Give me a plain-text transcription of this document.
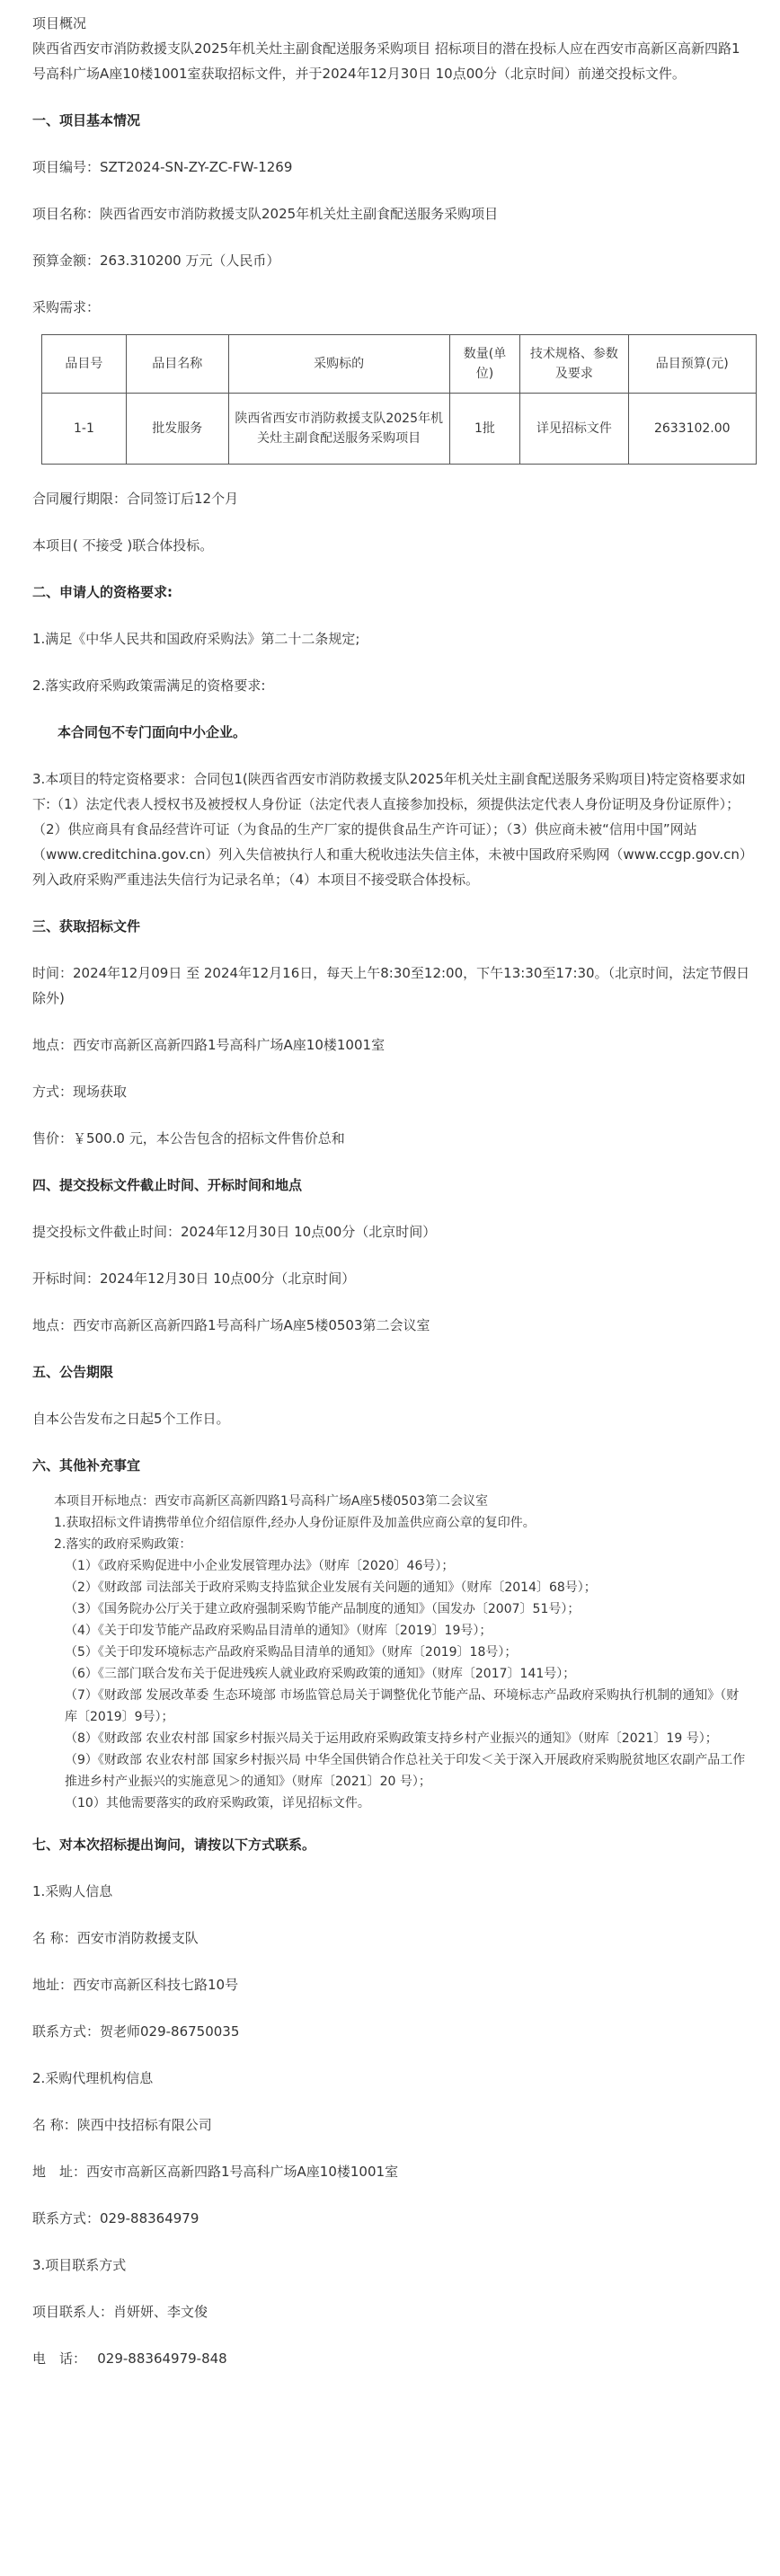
项目概况

陕西省西安市消防救援支队2025年机关灶主副食配送服务采购项目 招标项目的潜在投标人应在西安市高新区高新四路1号高科广场A座10楼1001室获取招标文件，并于2024年12月30日 10点00分（北京时间）前递交投标文件。

一、项目基本情况

项目编号：SZT2024-SN-ZY-ZC-FW-1269

项目名称：陕西省西安市消防救援支队2025年机关灶主副食配送服务采购项目

预算金额：263.310200 万元（人民币）

采购需求：

品目号	品目名称	采购标的	数量(单位)	技术规格、参数及要求	品目预算(元)
1-1	批发服务	陕西省西安市消防救援支队2025年机关灶主副食配送服务采购项目	1批	详见招标文件	2633102.00

合同履行期限：合同签订后12个月

本项目( 不接受 )联合体投标。

二、申请人的资格要求:

1.满足《中华人民共和国政府采购法》第二十二条规定;

2.落实政府采购政策需满足的资格要求:

本合同包不专门面向中小企业。

3.本项目的特定资格要求：合同包1(陕西省西安市消防救援支队2025年机关灶主副食配送服务采购项目)特定资格要求如下:（1）法定代表人授权书及被授权人身份证（法定代表人直接参加投标，须提供法定代表人身份证明及身份证原件）；（2）供应商具有食品经营许可证（为食品的生产厂家的提供食品生产许可证）；（3）供应商未被“信用中国”网站（www.creditchina.gov.cn）列入失信被执行人和重大税收违法失信主体，未被中国政府采购网（www.ccgp.gov.cn）列入政府采购严重违法失信行为记录名单；（4）本项目不接受联合体投标。

三、获取招标文件

时间：2024年12月09日 至 2024年12月16日，每天上午8:30至12:00，下午13:30至17:30。（北京时间，法定节假日除外)

地点：西安市高新区高新四路1号高科广场A座10楼1001室

方式：现场获取

售价：￥500.0 元，本公告包含的招标文件售价总和

四、提交投标文件截止时间、开标时间和地点

提交投标文件截止时间：2024年12月30日 10点00分（北京时间）

开标时间：2024年12月30日 10点00分（北京时间）

地点：西安市高新区高新四路1号高科广场A座5楼0503第二会议室

五、公告期限

自本公告发布之日起5个工作日。

六、其他补充事宜

本项目开标地点：西安市高新区高新四路1号高科广场A座5楼0503第二会议室

1.获取招标文件请携带单位介绍信原件,经办人身份证原件及加盖供应商公章的复印件。

2.落实的政府采购政策：

（1）《政府采购促进中小企业发展管理办法》（财库〔2020〕46号）；

（2）《财政部 司法部关于政府采购支持监狱企业发展有关问题的通知》（财库〔2014〕68号）；

（3）《国务院办公厅关于建立政府强制采购节能产品制度的通知》（国发办〔2007〕51号）；

（4）《关于印发节能产品政府采购品目清单的通知》（财库〔2019〕19号）；

（5）《关于印发环境标志产品政府采购品目清单的通知》（财库〔2019〕18号）；

（6）《三部门联合发布关于促进残疾人就业政府采购政策的通知》（财库〔2017〕141号）；

（7）《财政部 发展改革委 生态环境部 市场监管总局关于调整优化节能产品、环境标志产品政府采购执行机制的通知》（财库〔2019〕9号）；

（8）《财政部 农业农村部 国家乡村振兴局关于运用政府采购政策支持乡村产业振兴的通知》（财库〔2021〕19 号）；

（9）《财政部 农业农村部 国家乡村振兴局 中华全国供销合作总社关于印发＜关于深入开展政府采购脱贫地区农副产品工作推进乡村产业振兴的实施意见＞的通知》（财库〔2021〕20 号）；

（10）其他需要落实的政府采购政策，详见招标文件。

七、对本次招标提出询问，请按以下方式联系。

1.采购人信息

名 称：西安市消防救援支队

地址：西安市高新区科技七路10号

联系方式：贺老师029-86750035

2.采购代理机构信息

名 称：陕西中技招标有限公司

地　址：西安市高新区高新四路1号高科广场A座10楼1001室

联系方式：029-88364979

3.项目联系方式

项目联系人：肖妍妍、李文俊

电　话：　 029-88364979-848
